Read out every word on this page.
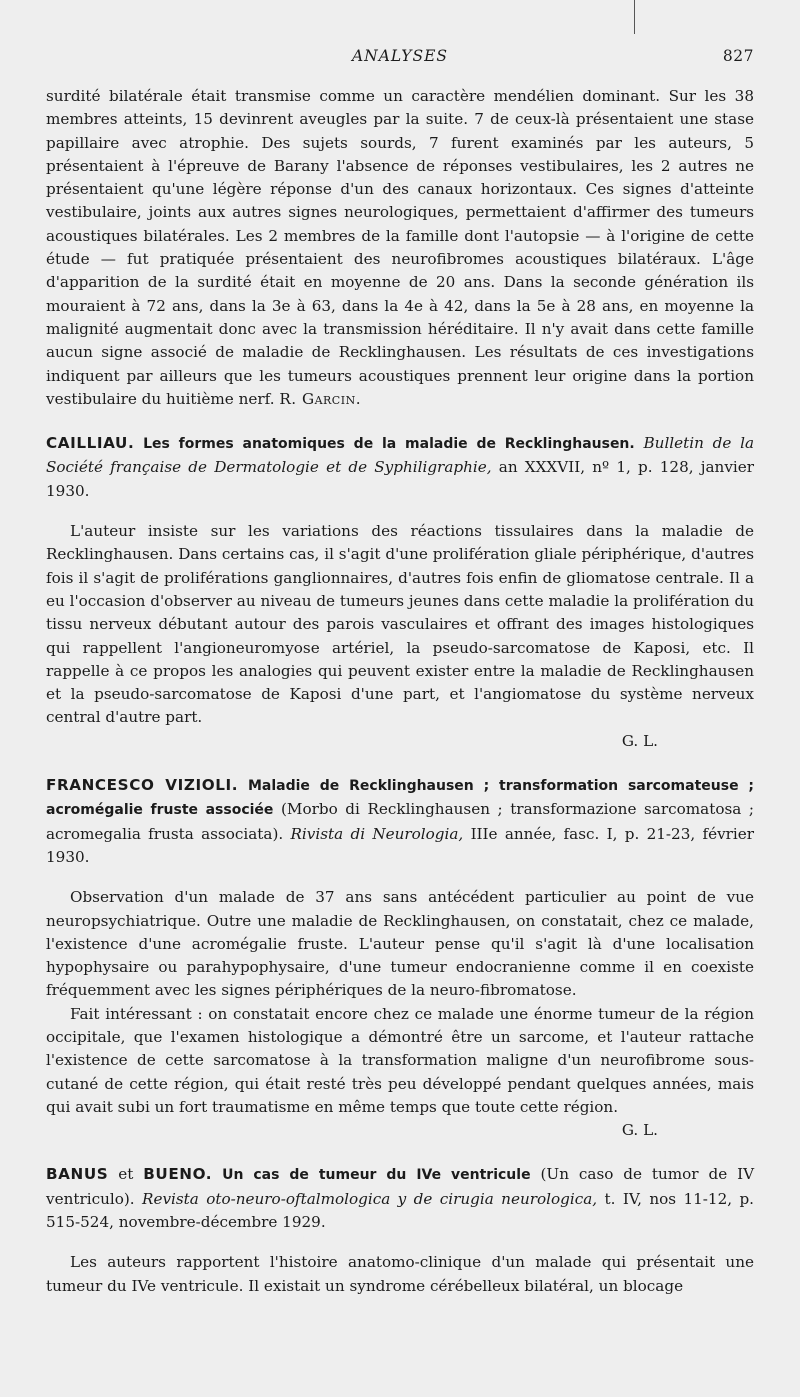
ANALYSES	827

surdité bilatérale était transmise comme un caractère mendélien dominant. Sur les 38 membres atteints, 15 devinrent aveugles par la suite. 7 de ceux-là présentaient une stase papillaire avec atrophie. Des sujets sourds, 7 furent examinés par les auteurs, 5 présentaient à l'épreuve de Barany l'absence de réponses vestibulaires, les 2 autres ne présentaient qu'une légère réponse d'un des canaux horizontaux. Ces signes d'atteinte vestibulaire, joints aux autres signes neurologiques, permettaient d'affirmer des tumeurs acoustiques bilatérales. Les 2 membres de la famille dont l'autopsie — à l'origine de cette étude — fut pratiquée présentaient des neurofibromes acoustiques bilatéraux. L'âge d'apparition de la surdité était en moyenne de 20 ans. Dans la seconde génération ils mouraient à 72 ans, dans la 3e à 63, dans la 4e à 42, dans la 5e à 28 ans, en moyenne la malignité augmentait donc avec la transmission héréditaire. Il n'y avait dans cette famille aucun signe associé de maladie de Recklinghausen. Les résultats de ces investigations indiquent par ailleurs que les tumeurs acoustiques prennent leur origine dans la portion vestibulaire du huitième nerf. R. Garcin.

CAILLIAU. Les formes anatomiques de la maladie de Recklinghausen. Bulletin de la Société française de Dermatologie et de Syphiligraphie, an XXXVII, nº 1, p. 128, janvier 1930.

L'auteur insiste sur les variations des réactions tissulaires dans la maladie de Recklinghausen. Dans certains cas, il s'agit d'une prolifération gliale périphérique, d'autres fois il s'agit de proliférations ganglionnaires, d'autres fois enfin de gliomatose centrale. Il a eu l'occasion d'observer au niveau de tumeurs jeunes dans cette maladie la prolifération du tissu nerveux débutant autour des parois vasculaires et offrant des images histologiques qui rappellent l'angioneuromyose artériel, la pseudo-sarcomatose de Kaposi, etc. Il rappelle à ce propos les analogies qui peuvent exister entre la maladie de Recklinghausen et la pseudo-sarcomatose de Kaposi d'une part, et l'angiomatose du système nerveux central d'autre part.

G. L.

FRANCESCO VIZIOLI. Maladie de Recklinghausen ; transformation sarcomateuse ; acromégalie fruste associée (Morbo di Recklinghausen ; transformazione sarcomatosa ; acromegalia frusta associata). Rivista di Neurologia, IIIe année, fasc. I, p. 21-23, février 1930.

Observation d'un malade de 37 ans sans antécédent particulier au point de vue neuropsychiatrique. Outre une maladie de Recklinghausen, on constatait, chez ce malade, l'existence d'une acromégalie fruste. L'auteur pense qu'il s'agit là d'une localisation hypophysaire ou parahypophysaire, d'une tumeur endocranienne comme il en coexiste fréquemment avec les signes périphériques de la neuro-fibromatose.

Fait intéressant : on constatait encore chez ce malade une énorme tumeur de la région occipitale, que l'examen histologique a démontré être un sarcome, et l'auteur rattache l'existence de cette sarcomatose à la transformation maligne d'un neurofibrome sous-cutané de cette région, qui était resté très peu développé pendant quelques années, mais qui avait subi un fort traumatisme en même temps que toute cette région.

G. L.

BANUS et BUENO. Un cas de tumeur du IVe ventricule (Un caso de tumor de IV ventriculo). Revista oto-neuro-oftalmologica y de cirugia neurologica, t. IV, nos 11-12, p. 515-524, novembre-décembre 1929.

Les auteurs rapportent l'histoire anatomo-clinique d'un malade qui présentait une tumeur du IVe ventricule. Il existait un syndrome cérébelleux bilatéral, un blocage
